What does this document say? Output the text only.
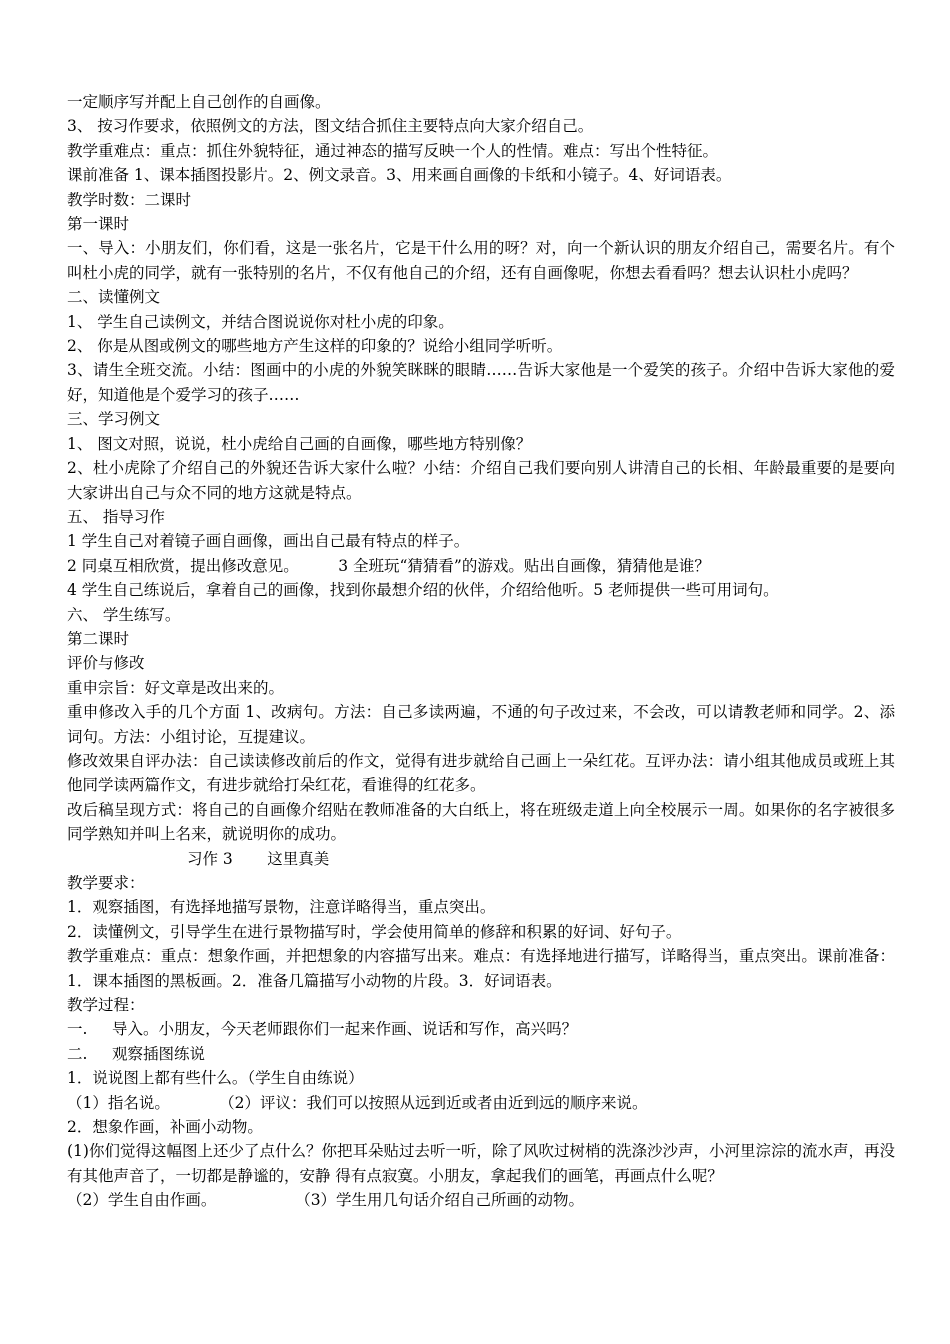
一定顺序写并配上自己创作的自画像。

3、 按习作要求，依照例文的方法，图文结合抓住主要特点向大家介绍自己。

教学重难点：重点：抓住外貌特征，通过神态的描写反映一个人的性情。难点：写出个性特征。

课前准备 1、课本插图投影片。2、例文录音。3、用来画自画像的卡纸和小镜子。4、好词语表。

教学时数：二课时

第一课时

一、导入：小朋友们，你们看，这是一张名片，它是干什么用的呀？对，向一个新认识的朋友介绍自己，需要名片。有个叫杜小虎的同学，就有一张特别的名片，不仅有他自己的介绍，还有自画像呢，你想去看看吗？想去认识杜小虎吗？

二、读懂例文

1、 学生自己读例文，并结合图说说你对杜小虎的印象。

2、 你是从图或例文的哪些地方产生这样的印象的？说给小组同学听听。

3、请生全班交流。小结：图画中的小虎的外貌笑眯眯的眼睛……告诉大家他是一个爱笑的孩子。介绍中告诉大家他的爱好，知道他是个爱学习的孩子……

三、学习例文

1、 图文对照，说说，杜小虎给自己画的自画像，哪些地方特别像？

2、杜小虎除了介绍自己的外貌还告诉大家什么啦？小结：介绍自己我们要向别人讲清自己的长相、年龄最重要的是要向大家讲出自己与众不同的地方这就是特点。

五、 指导习作

1 学生自己对着镜子画自画像，画出自己最有特点的样子。

2 同桌互相欣赏，提出修改意见。        3 全班玩“猜猜看”的游戏。贴出自画像，猜猜他是谁？

4 学生自己练说后，拿着自己的画像，找到你最想介绍的伙伴，介绍给他听。5 老师提供一些可用词句。

六、 学生练写。

第二课时

评价与修改

重申宗旨：好文章是改出来的。

重申修改入手的几个方面 1、改病句。方法：自己多读两遍，不通的句子改过来，不会改，可以请教老师和同学。2、添词句。方法：小组讨论，互提建议。

修改效果自评办法：自己读读修改前后的作文，觉得有进步就给自己画上一朵红花。互评办法：请小组其他成员或班上其他同学读两篇作文，有进步就给打朵红花，看谁得的红花多。

改后稿呈现方式：将自己的自画像介绍贴在教师准备的大白纸上，将在班级走道上向全校展示一周。如果你的名字被很多同学熟知并叫上名来，就说明你的成功。

习作 3       这里真美

教学要求：

1．观察插图，有选择地描写景物，注意详略得当，重点突出。

2．读懂例文，引导学生在进行景物描写时，学会使用简单的修辞和积累的好词、好句子。

教学重难点：重点：想象作画，并把想象的内容描写出来。难点：有选择地进行描写，详略得当，重点突出。课前准备：1．课本插图的黑板画。2．准备几篇描写小动物的片段。3．好词语表。

教学过程：

一.     导入。小朋友，今天老师跟你们一起来作画、说话和写作，高兴吗？

二.     观察插图练说

1．说说图上都有些什么。（学生自由练说）

（1）指名说。          （2）评议：我们可以按照从远到近或者由近到远的顺序来说。

2．想象作画，补画小动物。

(1)你们觉得这幅图上还少了点什么？你把耳朵贴过去听一听，除了风吹过树梢的洗涤沙沙声，小河里淙淙的流水声，再没有其他声音了，一切都是静谧的，安静 得有点寂寞。小朋友，拿起我们的画笔，再画点什么呢？

（2）学生自由作画。                （3）学生用几句话介绍自己所画的动物。
